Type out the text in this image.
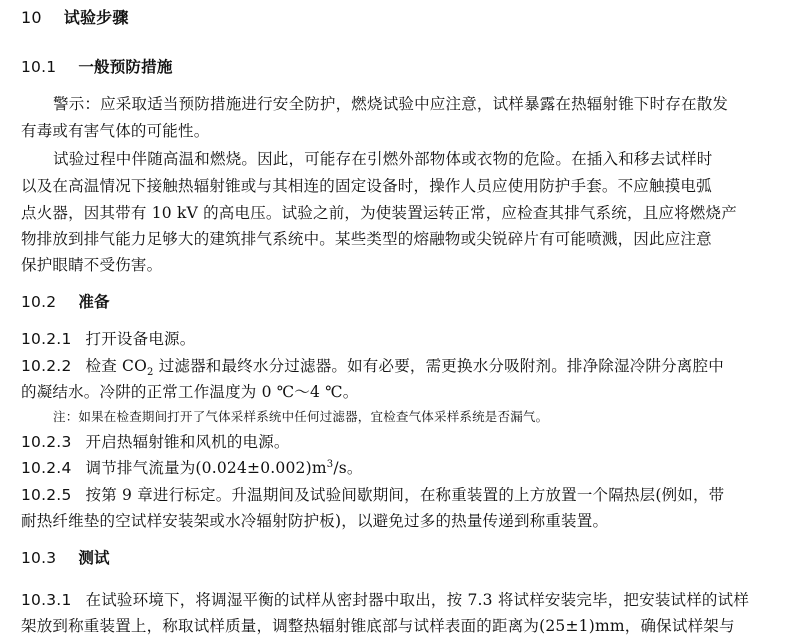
10 试验步骤
10.1 一般预防措施
警示：应采取适当预防措施进行安全防护，燃烧试验中应注意，试样暴露在热辐射锥下时存在散发
有毒或有害气体的可能性。
试验过程中伴随高温和燃烧。因此，可能存在引燃外部物体或衣物的危险。在插入和移去试样时
以及在高温情况下接触热辐射锥或与其相连的固定设备时，操作人员应使用防护手套。不应触摸电弧
点火器，因其带有 10 kV 的高电压。试验之前，为使装置运转正常，应检查其排气系统，且应将燃烧产
物排放到排气能力足够大的建筑排气系统中。某些类型的熔融物或尖锐碎片有可能喷溅，因此应注意
保护眼睛不受伤害。
10.2 准备
10.2.1 打开设备电源。
10.2.2 检查 $CO_2$ 过滤器和最终水分过滤器。如有必要，需更换水分吸附剂。排净除湿冷阱分离腔中
的凝结水。冷阱的正常工作温度为 0 ℃～4 ℃。
注：如果在检查期间打开了气体采样系统中任何过滤器，宜检查气体采样系统是否漏气。
10.2.3 开启热辐射锥和风机的电源。
10.2.4 调节排气流量为$(0.024\pm 0.002)m^3/s$。
10.2.5 按第 9 章进行标定。升温期间及试验间歇期间，在称重装置的上方放置一个隔热层(例如，带
耐热纤维垫的空试样安装架或水冷辐射防护板)，以避免过多的热量传递到称重装置。
10.3 测试
10.3.1 在试验环境下，将调湿平衡的试样从密封器中取出，按 7.3 将试样安装完毕，把安装试样的试样
架放到称重装置上，称取试样质量，调整热辐射锥底部与试样表面的距离为(25±1)mm，确保试样架与
